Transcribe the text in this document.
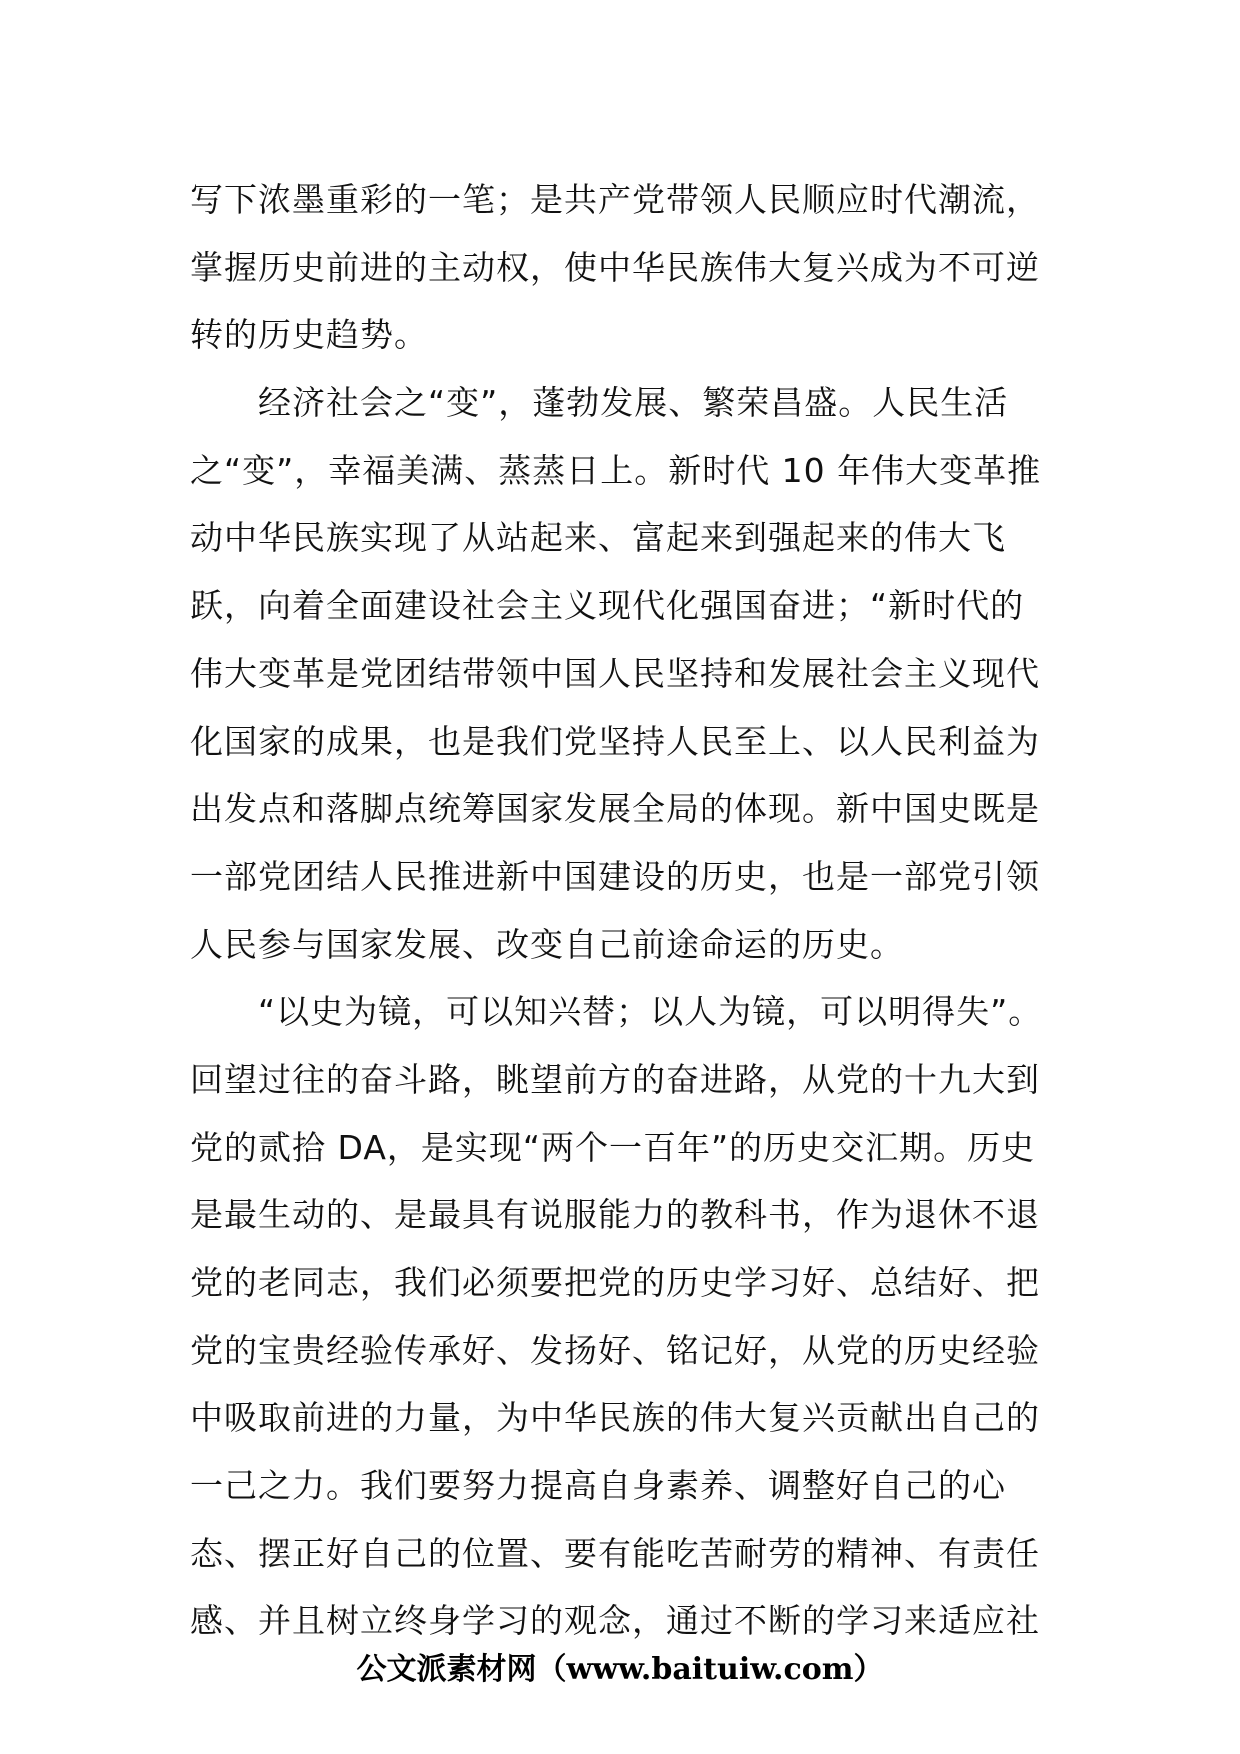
写下浓墨重彩的一笔；是共产党带领人民顺应时代潮流，
掌握历史前进的主动权，使中华民族伟大复兴成为不可逆
转的历史趋势。
　　经济社会之“变”，蓬勃发展、繁荣昌盛。人民生活
之“变”，幸福美满、蒸蒸日上。新时代 10 年伟大变革推
动中华民族实现了从站起来、富起来到强起来的伟大飞
跃，向着全面建设社会主义现代化强国奋进；“新时代的
伟大变革是党团结带领中国人民坚持和发展社会主义现代
化国家的成果，也是我们党坚持人民至上、以人民利益为
出发点和落脚点统筹国家发展全局的体现。新中国史既是
一部党团结人民推进新中国建设的历史，也是一部党引领
人民参与国家发展、改变自己前途命运的历史。
　　“以史为镜，可以知兴替；以人为镜，可以明得失”。
回望过往的奋斗路，眺望前方的奋进路，从党的十九大到
党的贰拾 DA，是实现“两个一百年”的历史交汇期。历史
是最生动的、是最具有说服能力的教科书，作为退休不退
党的老同志，我们必须要把党的历史学习好、总结好、把
党的宝贵经验传承好、发扬好、铭记好，从党的历史经验
中吸取前进的力量，为中华民族的伟大复兴贡献出自己的
一己之力。我们要努力提高自身素养、调整好自己的心
态、摆正好自己的位置、要有能吃苦耐劳的精神、有责任
感、并且树立终身学习的观念，通过不断的学习来适应社
公文派素材网（www.baituiw.com）
